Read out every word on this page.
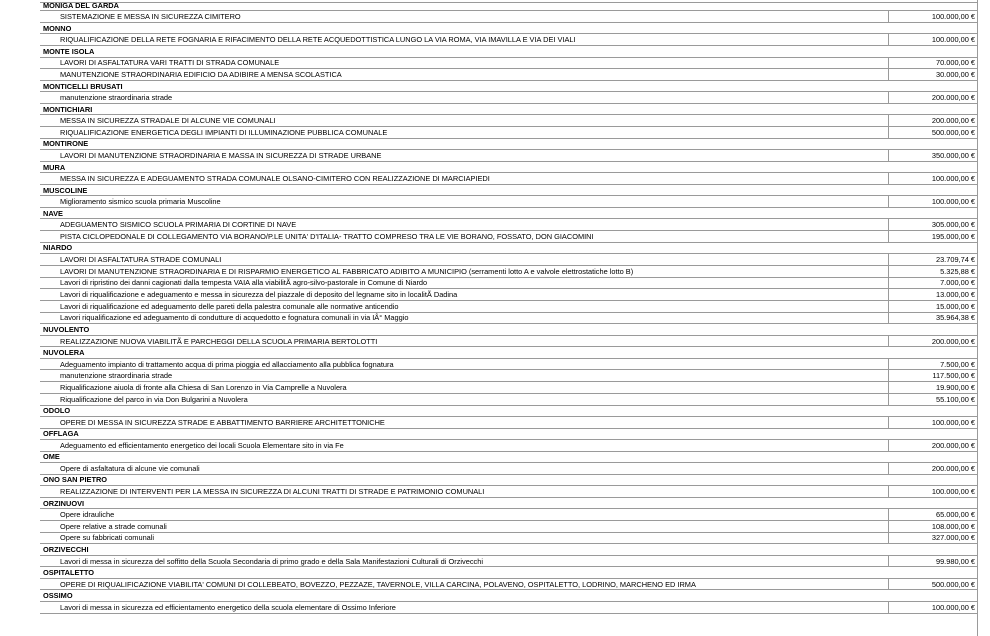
MONIGA DEL GARDA
SISTEMAZIONE E MESSA IN SICUREZZA CIMITERO	100.000,00 €
MONNO
RIQUALIFICAZIONE DELLA RETE FOGNARIA E RIFACIMENTO DELLA RETE ACQUEDOTTISTICA LUNGO LA VIA ROMA, VIA IMAVILLA E VIA DEI VIALI	100.000,00 €
MONTE ISOLA
LAVORI DI ASFALTATURA VARI TRATTI DI STRADA COMUNALE	70.000,00 €
MANUTENZIONE STRAORDINARIA EDIFICIO DA ADIBIRE A MENSA SCOLASTICA	30.000,00 €
MONTICELLI BRUSATI
manutenzione straordinaria strade	200.000,00 €
MONTICHIARI
MESSA IN SICUREZZA STRADALE DI ALCUNE VIE COMUNALI	200.000,00 €
RIQUALIFICAZIONE ENERGETICA DEGLI IMPIANTI DI ILLUMINAZIONE PUBBLICA COMUNALE	500.000,00 €
MONTIRONE
LAVORI DI MANUTENZIONE STRAORDINARIA E MASSA IN SICUREZZA DI STRADE URBANE	350.000,00 €
MURA
MESSA IN SICUREZZA E ADEGUAMENTO STRADA COMUNALE OLSANO-CIMITERO CON REALIZZAZIONE DI MARCIAPIEDI	100.000,00 €
MUSCOLINE
Miglioramento sismico scuola primaria Muscoline	100.000,00 €
NAVE
ADEGUAMENTO SISMICO SCUOLA PRIMARIA DI CORTINE DI NAVE	305.000,00 €
PISTA CICLOPEDONALE DI COLLEGAMENTO VIA BORANO/P.LE UNITA' D'ITALIA- TRATTO COMPRESO TRA LE VIE BORANO, FOSSATO, DON GIACOMINI	195.000,00 €
NIARDO
LAVORI DI ASFALTATURA STRADE COMUNALI	23.709,74 €
LAVORI DI MANUTENZIONE STRAORDINARIA E DI RISPARMIO ENERGETICO AL FABBRICATO ADIBITO A MUNICIPIO (serramenti lotto A e valvole elettrostatiche lotto B)	5.325,88 €
Lavori di ripristino dei danni cagionati dalla tempesta VAIA alla viabilitÃ agro-silvo-pastorale in Comune di Niardo	7.000,00 €
Lavori di riqualificazione e adeguamento e messa in sicurezza del piazzale di deposito del legname sito in localitÃ Dadina	13.000,00 €
Lavori di riqualificazione ed adeguamento delle pareti della palestra comunale alle normative anticendio	15.000,00 €
Lavori riqualificazione ed adeguamento di condutture di acquedotto e fognatura comunali in via IÂ° Maggio	35.964,38 €
NUVOLENTO
REALIZZAZIONE NUOVA VIABILITÃ E PARCHEGGI DELLA SCUOLA PRIMARIA BERTOLOTTI	200.000,00 €
NUVOLERA
Adeguamento impianto di trattamento acqua di prima pioggia ed allacciamento alla pubblica fognatura	7.500,00 €
manutenzione straordinaria strade	117.500,00 €
Riqualificazione aiuola di fronte alla Chiesa di San Lorenzo in Via Camprelle a Nuvolera	19.900,00 €
Riqualificazione del parco in via Don Bulgarini a Nuvolera	55.100,00 €
ODOLO
OPERE DI MESSA IN SICUREZZA STRADE E ABBATTIMENTO BARRIERE ARCHITETTONICHE	100.000,00 €
OFFLAGA
Adeguamento ed efficientamento energetico dei locali Scuola Elementare sito in via Fe	200.000,00 €
OME
Opere di asfaltatura di alcune vie comunali	200.000,00 €
ONO SAN PIETRO
REALIZZAZIONE DI INTERVENTI PER LA MESSA IN SICUREZZA DI ALCUNI TRATTI DI STRADE E PATRIMONIO COMUNALI	100.000,00 €
ORZINUOVI
Opere idrauliche	65.000,00 €
Opere relative a strade comunali	108.000,00 €
Opere su fabbricati comunali	327.000,00 €
ORZIVECCHI
Lavori di messa in sicurezza del soffitto della Scuola Secondaria di primo grado e della Sala Manifestazioni Culturali di Orzivecchi	99.980,00 €
OSPITALETTO
OPERE DI RIQUALIFICAZIONE VIABILITA' COMUNI DI COLLEBEATO, BOVEZZO, PEZZAZE, TAVERNOLE, VILLA CARCINA, POLAVENO, OSPITALETTO, LODRINO, MARCHENO ED IRMA	500.000,00 €
OSSIMO
Lavori di messa in sicurezza ed efficientamento energetico della scuola elementare di Ossimo Inferiore	100.000,00 €
